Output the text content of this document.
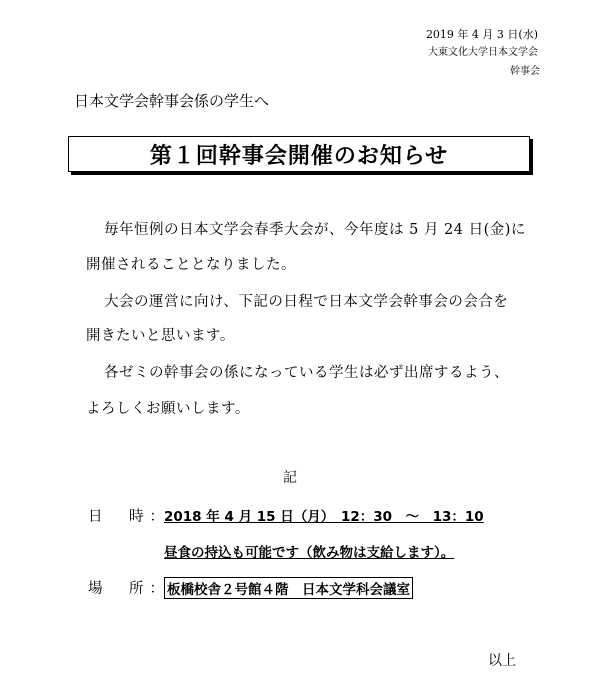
2019 年 4 月 3 日(水)
大東文化大学日本文学会
幹事会
日本文学会幹事会係の学生へ
第１回幹事会開催のお知らせ
毎年恒例の日本文学会春季大会が、今年度は 5 月 24 日(金)に
開催されることとなりました。
大会の運営に向け、下記の日程で日本文学会幹事会の会合を
開きたいと思います。
各ゼミの幹事会の係になっている学生は必ず出席するよう、
よろしくお願いします。
記
日　時：
2018 年 4 月 15 日（月）　12：30　～　13：10
昼食の持込も可能です（飲み物は支給します）。
場　所：
板橋校舎２号館４階　日本文学科会議室
以上
